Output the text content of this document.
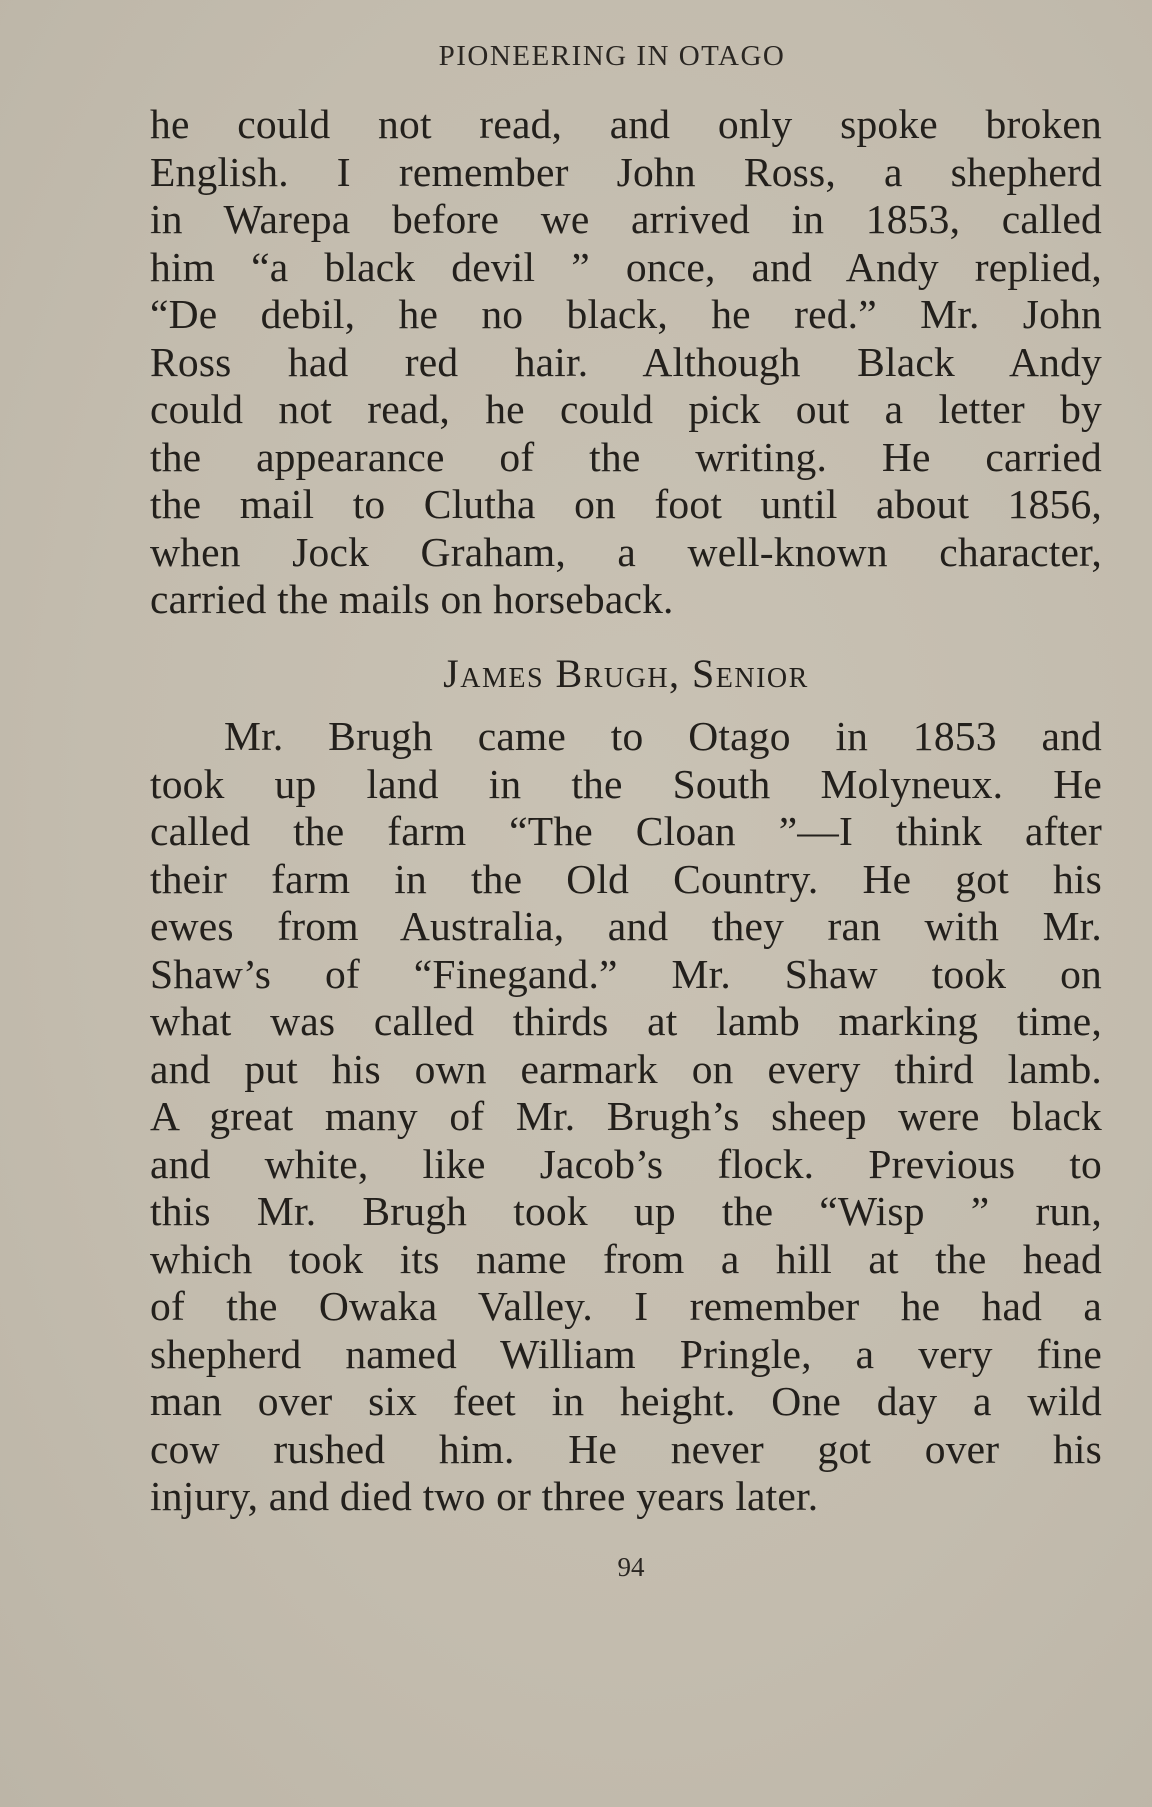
PIONEERING IN OTAGO
he could not read, and only spoke broken
English. I remember John Ross, a shepherd
in Warepa before we arrived in 1853, called
him “a black devil ” once, and Andy replied,
“De debil, he no black, he red.” Mr. John
Ross had red hair. Although Black Andy
could not read, he could pick out a letter by
the appearance of the writing. He carried
the mail to Clutha on foot until about 1856,
when Jock Graham, a well-known character,
carried the mails on horseback.
James Brugh, Senior
Mr. Brugh came to Otago in 1853 and
took up land in the South Molyneux. He
called the farm “The Cloan ”—I think after
their farm in the Old Country. He got his
ewes from Australia, and they ran with Mr.
Shaw’s of “Finegand.” Mr. Shaw took on
what was called thirds at lamb marking time,
and put his own earmark on every third lamb.
A great many of Mr. Brugh’s sheep were black
and white, like Jacob’s flock. Previous to
this Mr. Brugh took up the “Wisp ” run,
which took its name from a hill at the head
of the Owaka Valley. I remember he had a
shepherd named William Pringle, a very fine
man over six feet in height. One day a wild
cow rushed him. He never got over his
injury, and died two or three years later.
94
